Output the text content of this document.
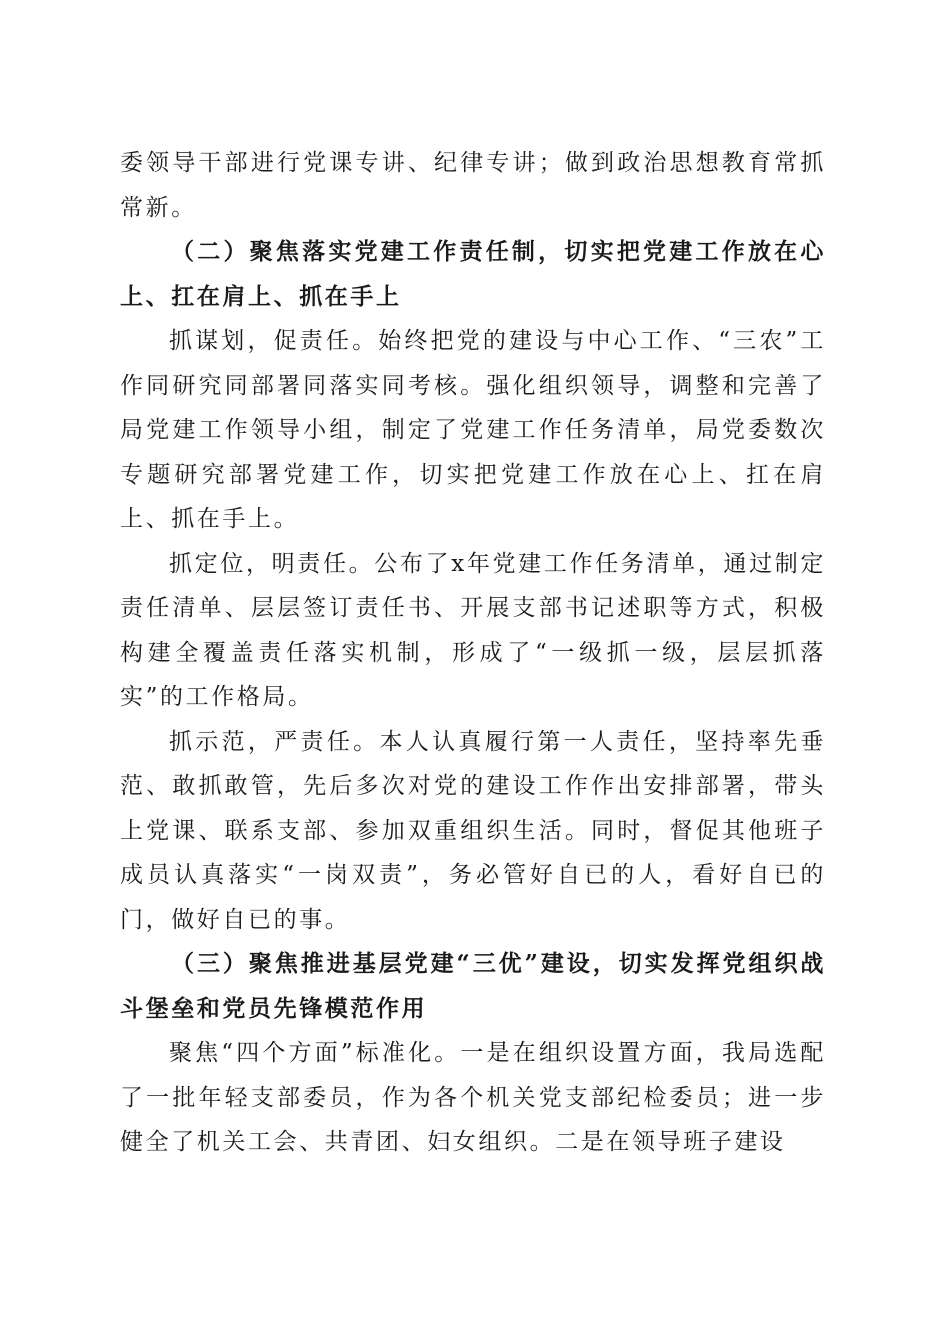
委领导干部进行党课专讲、纪律专讲；做到政治思想教育常抓常新。

（二）聚焦落实党建工作责任制，切实把党建工作放在心上、扛在肩上、抓在手上

抓谋划，促责任。始终把党的建设与中心工作、“三农”工作同研究同部署同落实同考核。强化组织领导，调整和完善了局党建工作领导小组，制定了党建工作任务清单，局党委数次专题研究部署党建工作，切实把党建工作放在心上、扛在肩上、抓在手上。

抓定位，明责任。公布了x年党建工作任务清单，通过制定责任清单、层层签订责任书、开展支部书记述职等方式，积极构建全覆盖责任落实机制，形成了“一级抓一级，层层抓落实”的工作格局。

抓示范，严责任。本人认真履行第一人责任，坚持率先垂范、敢抓敢管，先后多次对党的建设工作作出安排部署，带头上党课、联系支部、参加双重组织生活。同时，督促其他班子成员认真落实“一岗双责”，务必管好自已的人，看好自已的门，做好自已的事。

（三）聚焦推进基层党建“三优”建设，切实发挥党组织战斗堡垒和党员先锋模范作用

聚焦“四个方面”标准化。一是在组织设置方面，我局选配了一批年轻支部委员，作为各个机关党支部纪检委员；进一步健全了机关工会、共青团、妇女组织。二是在领导班子建设
